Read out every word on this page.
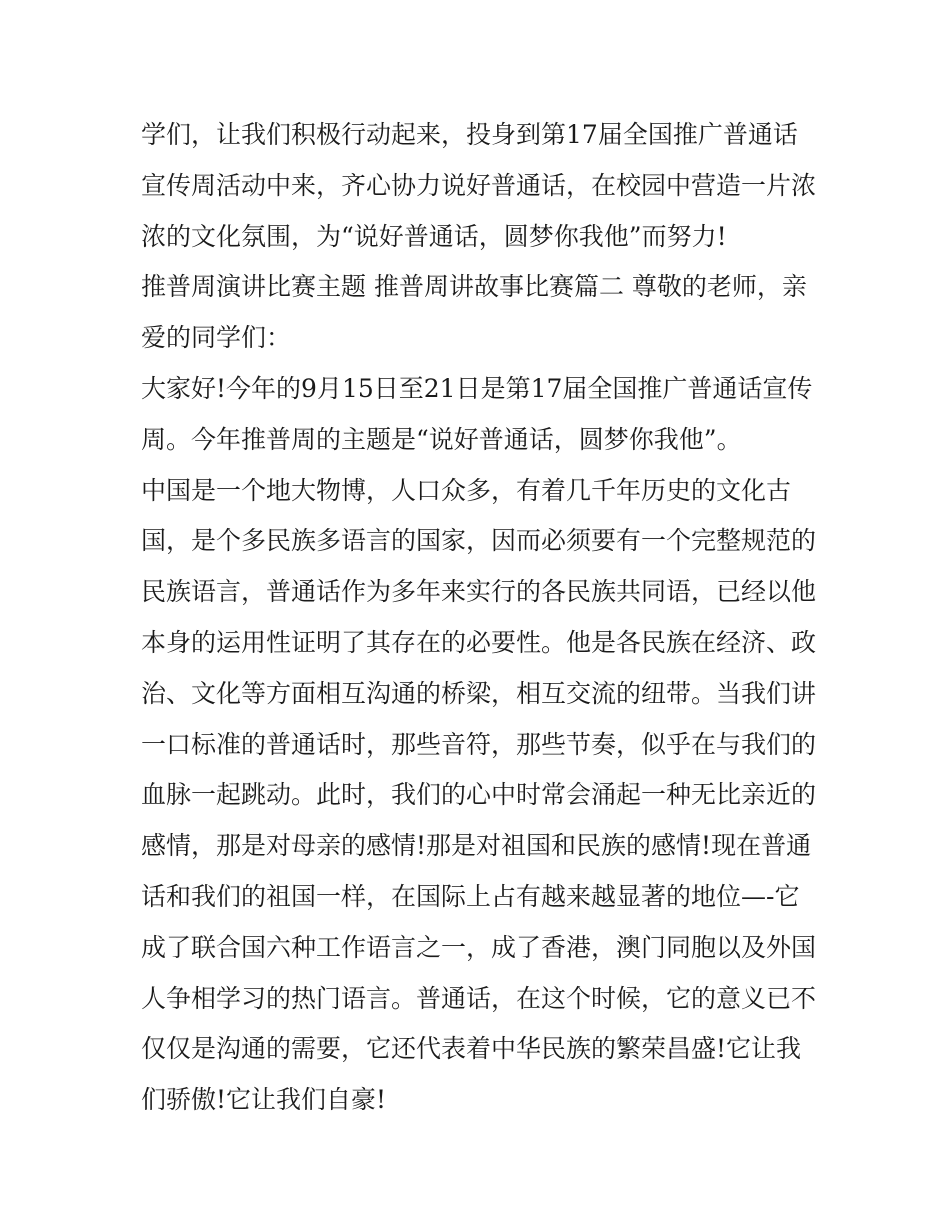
学们，让我们积极行动起来，投身到第17届全国推广普通话
宣传周活动中来，齐心协力说好普通话，在校园中营造一片浓
浓的文化氛围，为“说好普通话，圆梦你我他”而努力!

推普周演讲比赛主题 推普周讲故事比赛篇二 尊敬的老师，亲
爱的同学们：

大家好!今年的9月15日至21日是第17届全国推广普通话宣传
周。今年推普周的主题是“说好普通话，圆梦你我他”。

中国是一个地大物博，人口众多，有着几千年历史的文化古
国，是个多民族多语言的国家，因而必须要有一个完整规范的
民族语言，普通话作为多年来实行的各民族共同语，已经以他
本身的运用性证明了其存在的必要性。他是各民族在经济、政
治、文化等方面相互沟通的桥梁，相互交流的纽带。当我们讲
一口标准的普通话时，那些音符，那些节奏，似乎在与我们的
血脉一起跳动。此时，我们的心中时常会涌起一种无比亲近的
感情，那是对母亲的感情!那是对祖国和民族的感情!现在普通
话和我们的祖国一样，在国际上占有越来越显著的地位—-它
成了联合国六种工作语言之一，成了香港，澳门同胞以及外国
人争相学习的热门语言。普通话，在这个时候，它的意义已不
仅仅是沟通的需要，它还代表着中华民族的繁荣昌盛!它让我
们骄傲!它让我们自豪!
